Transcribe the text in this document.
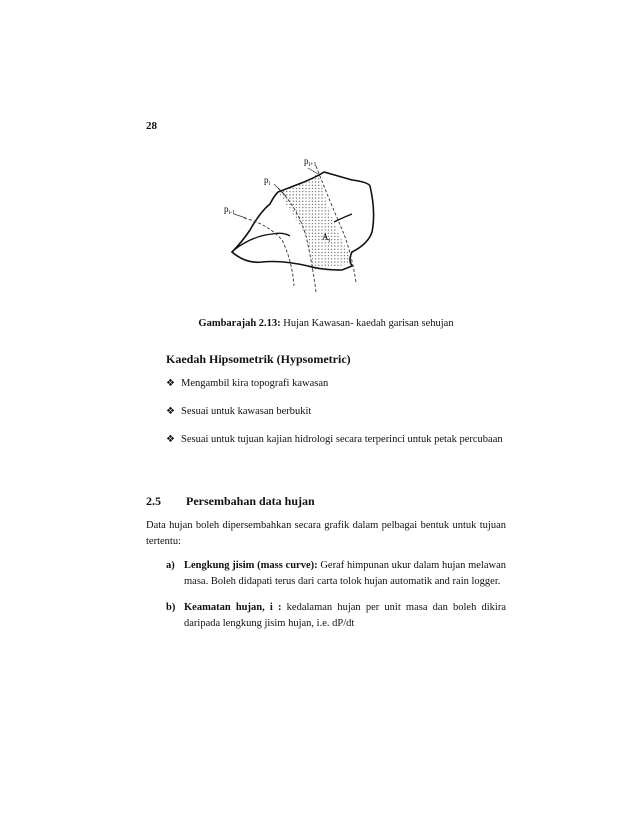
28
$p_{i+1}$
$p_i$
$p_{i-1}$
$A_i$
Gambarajah 2.13: Hujan Kawasan- kaedah garisan sehujan
Kaedah Hipsometrik (Hypsometric)
❖ Mengambil kira topografi kawasan
❖ Sesuai untuk kawasan berbukit
❖ Sesuai untuk tujuan kajian hidrologi secara terperinci untuk petak percubaan
2.5 Persembahan data hujan
Data hujan boleh dipersembahkan secara grafik dalam pelbagai bentuk untuk tujuan tertentu:
a) Lengkung jisim (mass curve): Geraf himpunan ukur dalam hujan melawan masa. Boleh didapati terus dari carta tolok hujan automatik and rain logger.
b) Keamatan hujan, i : kedalaman hujan per unit masa dan boleh dikira daripada lengkung jisim hujan, i.e. dP/dt
